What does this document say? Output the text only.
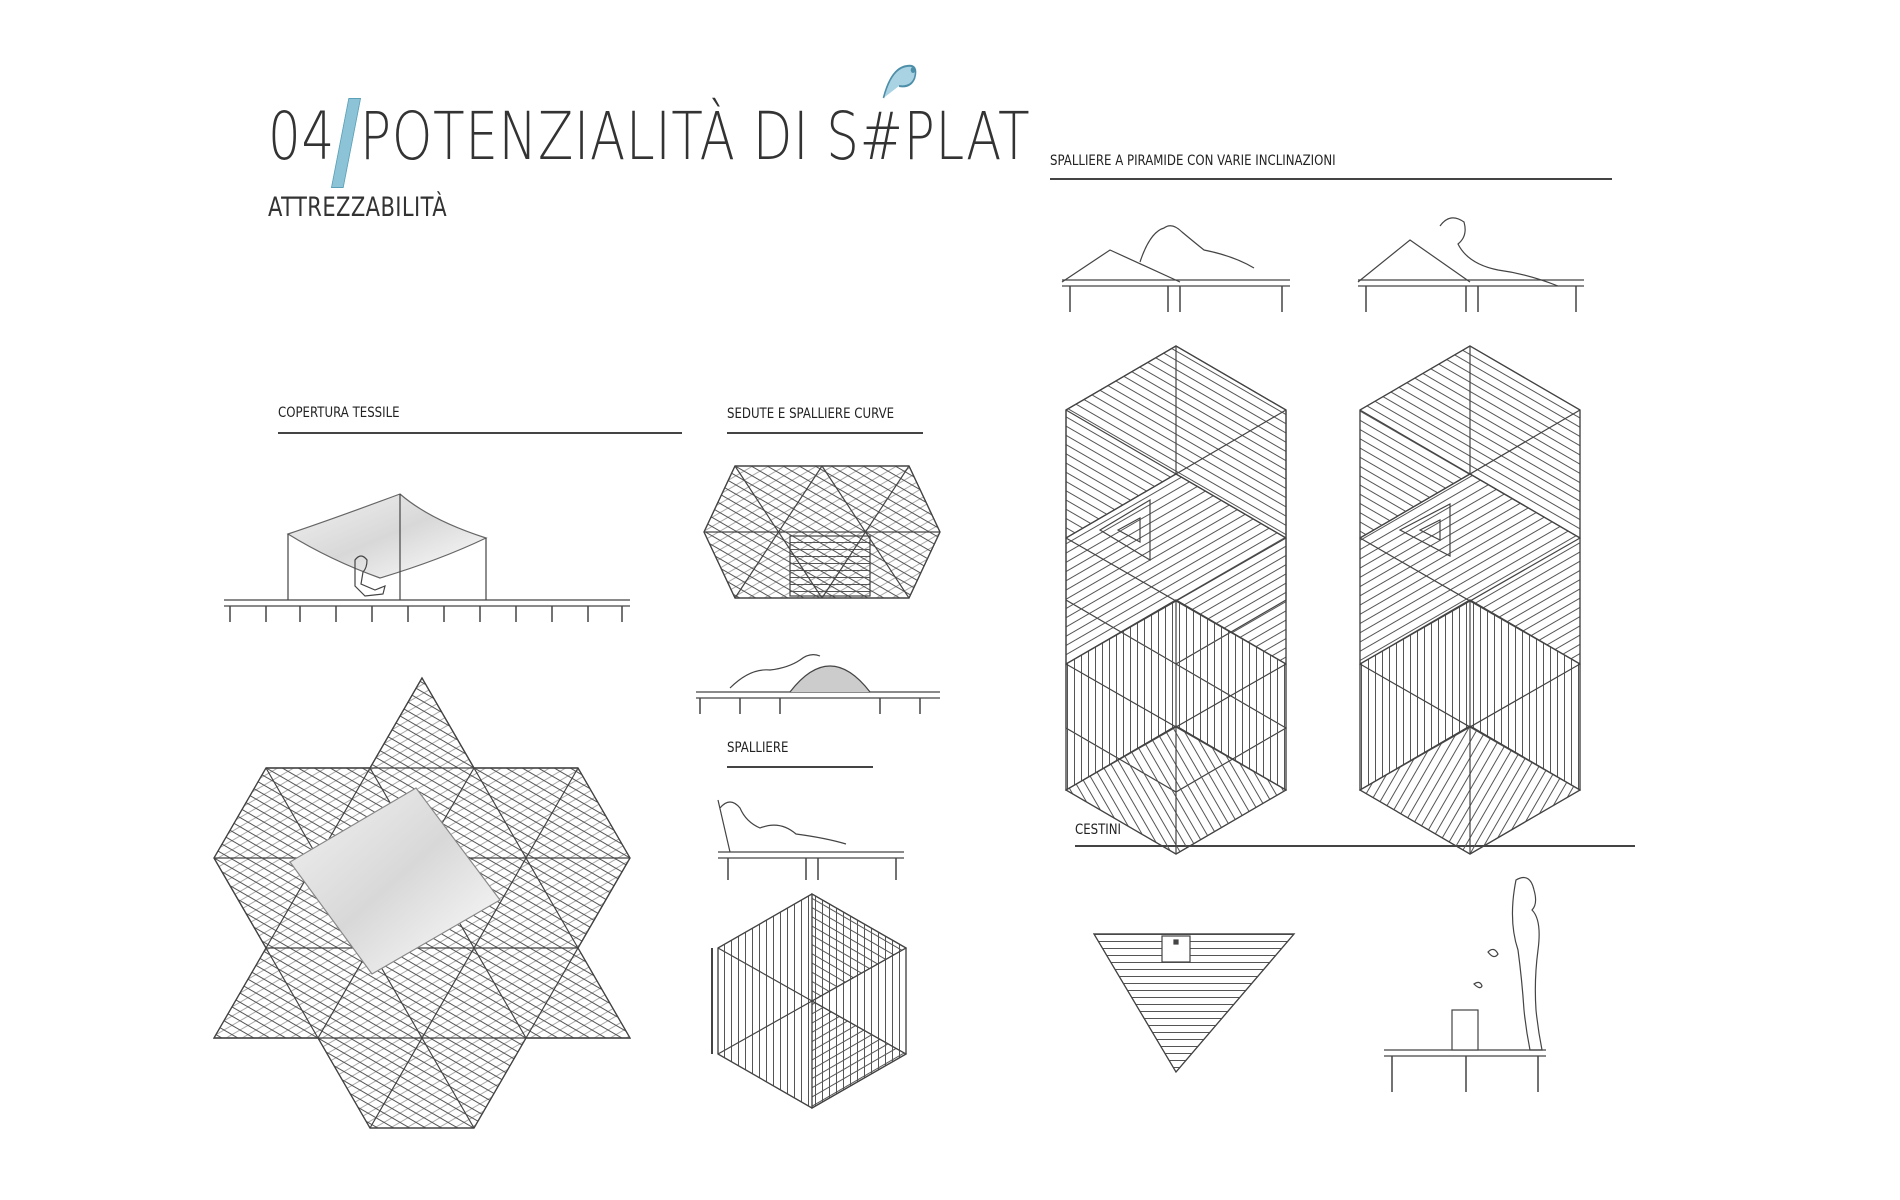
04 POTENZIALITÀ DI S#
PLAT
ATTREZZABILITÀ
COPERTURA TESSILE	SEDUTE E SPALLIERE CURVE
SPALLIERE
SPALLIERE A PIRAMIDE CON VARIE INCLINAZIONI
CESTINI
